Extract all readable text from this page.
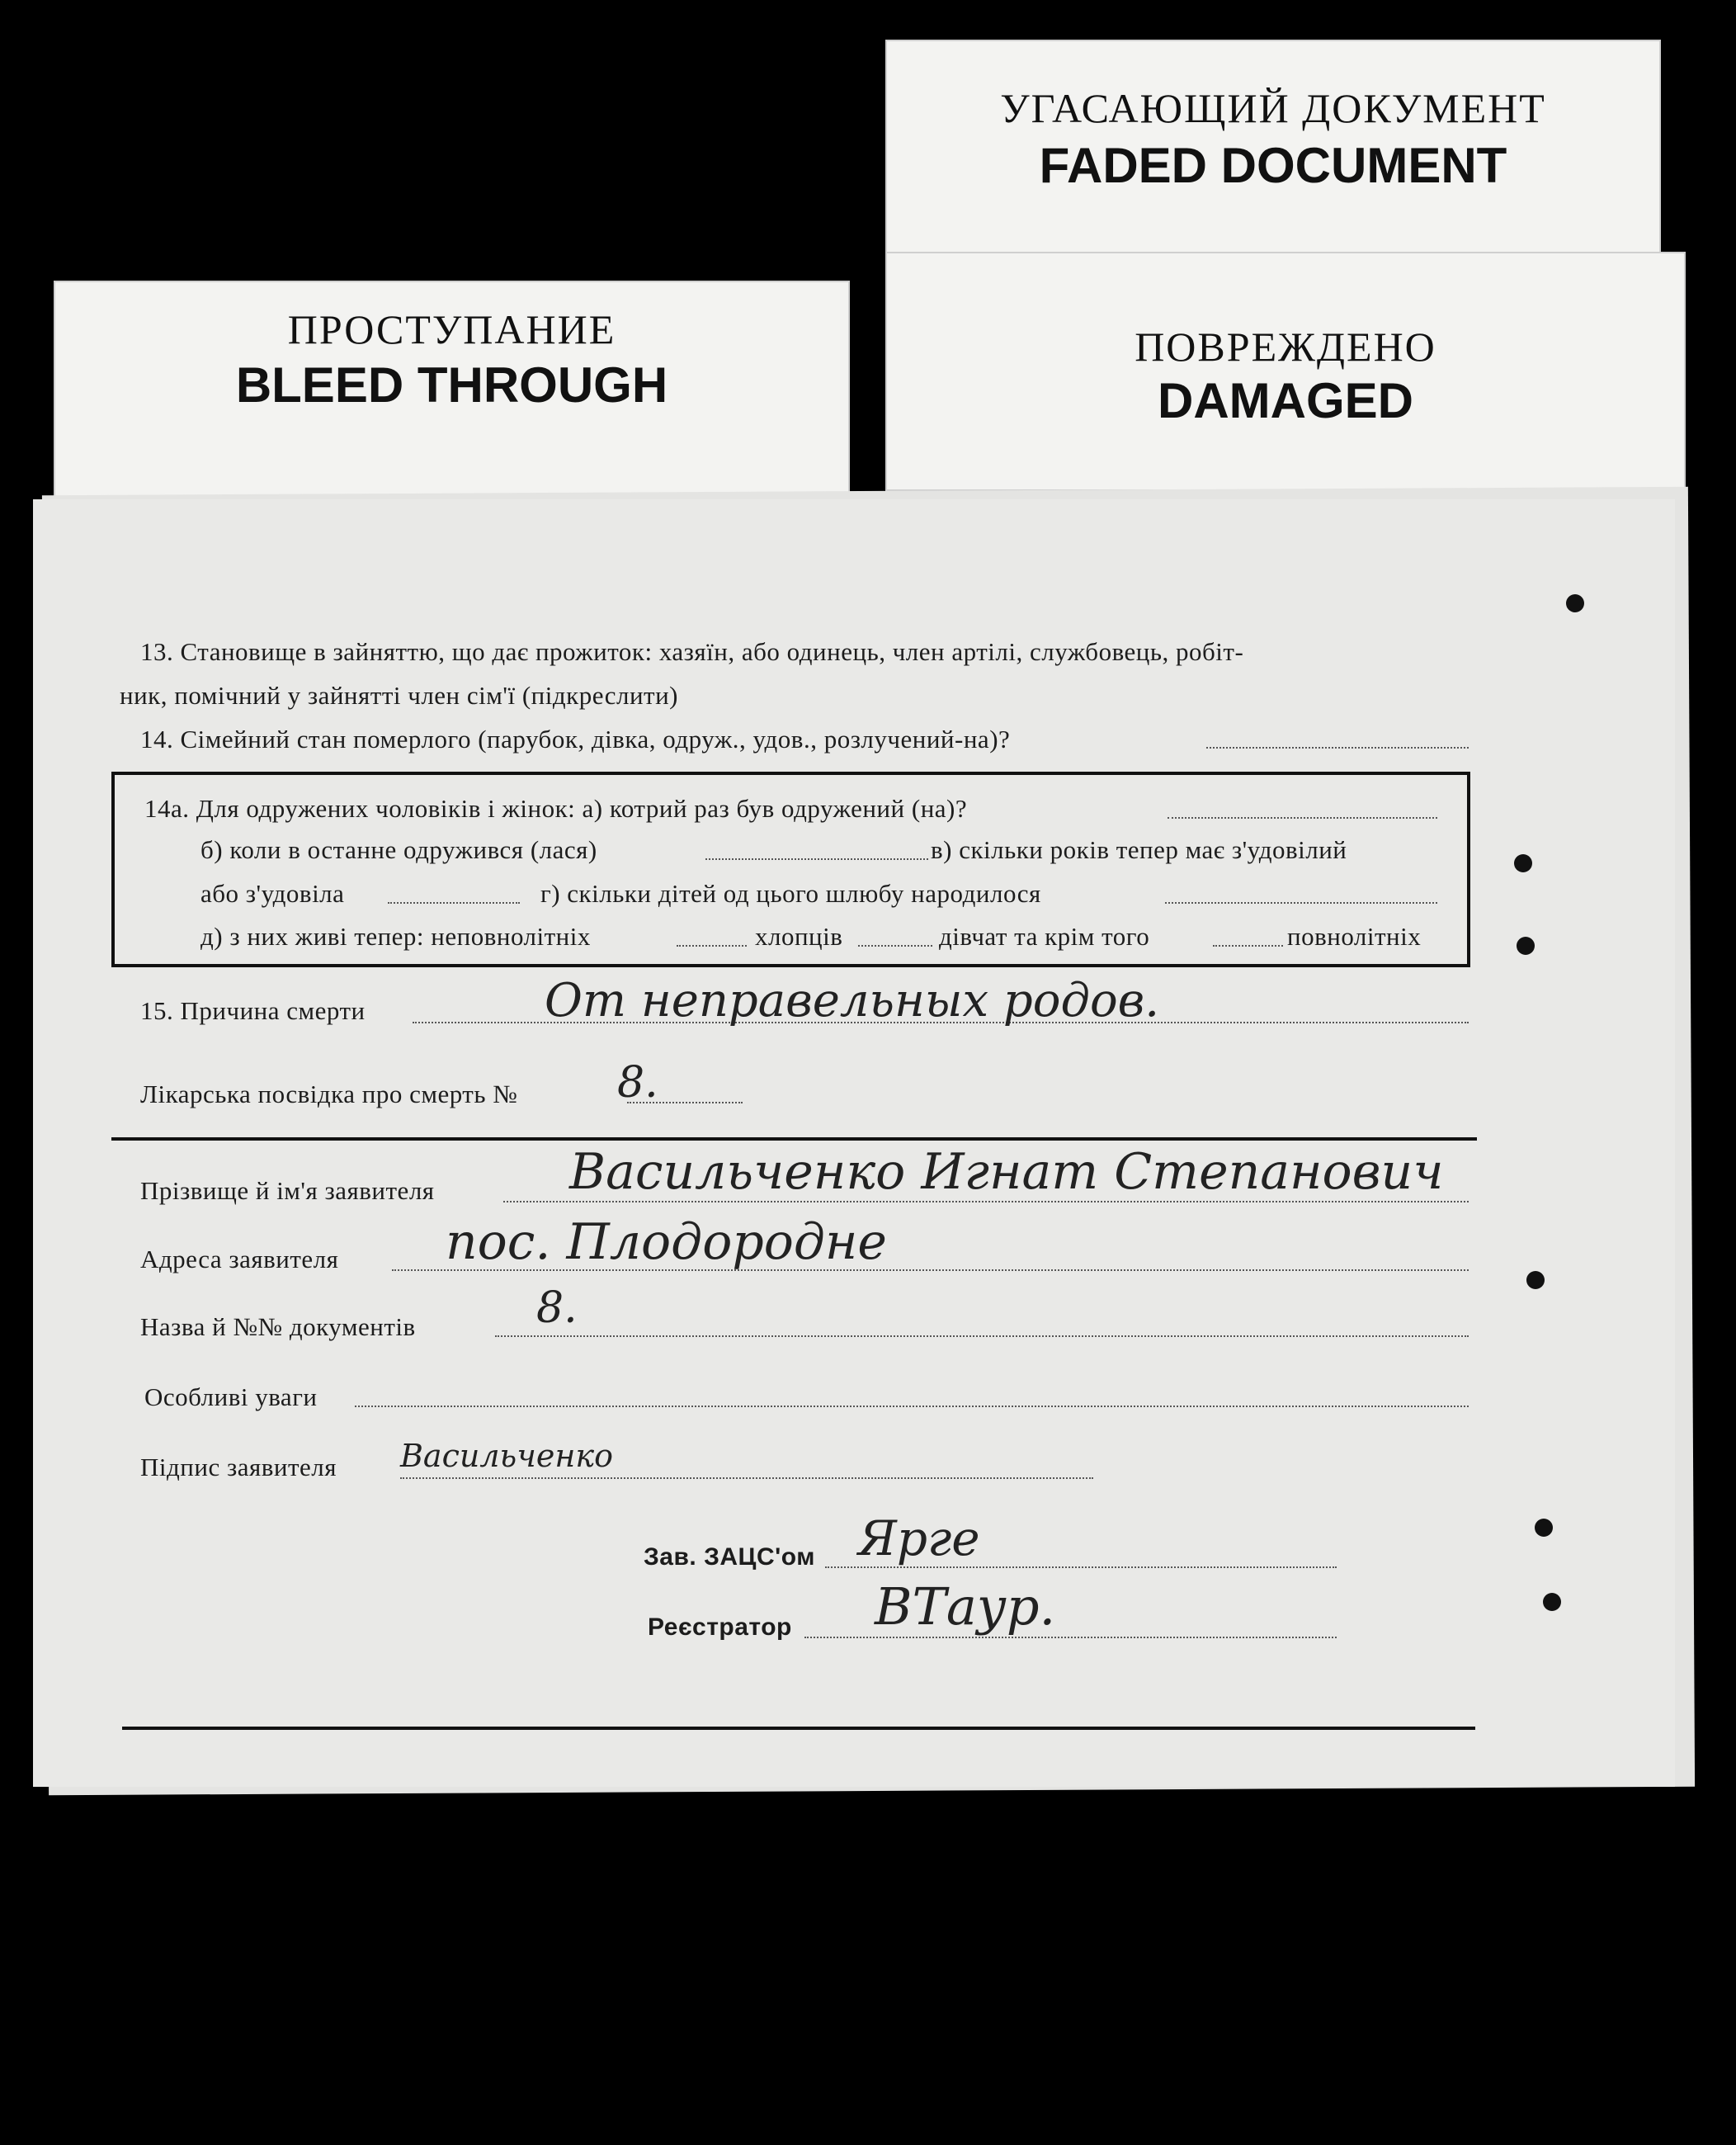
УГАСАЮЩИЙ ДОКУМЕНТ
FADED DOCUMENT
ПРОСТУПАНИЕ
BLEED THROUGH
ПОВРЕЖДЕНО
DAMAGED
13. Становище в зайняттю, що дає прожиток: хазяїн, або одинець, член артілі, службовець, робіт-
ник, помічний у зайнятті член сім'ї (підкреслити)
14. Сімейний стан померлого (парубок, дівка, одруж., удов., розлучений-на)?
14а. Для одружених чоловіків і жінок: а) котрий раз був одружений (на)?
б) коли в останне одружився (лася)	в) скільки років тепер має з'удовілий
або з'удовіла	г) скільки дітей од цього шлюбу народилося
д) з них живі тепер: неповнолітніх	хлопців	дівчат та крім того	повнолітніх
15. Причина смерти	От неправельных родов.
Лікарська посвідка про смерть № 8.
Прізвище й ім'я заявителя	Васильченко Игнат Степанович
Адреса заявителя пос. Плодородне
Назва й №№ документів	8.
Особливі уваги
Підпис заявителя Васильченко
Зав. ЗАЦС'ом Ярге
Реєстратор ВТаур.
